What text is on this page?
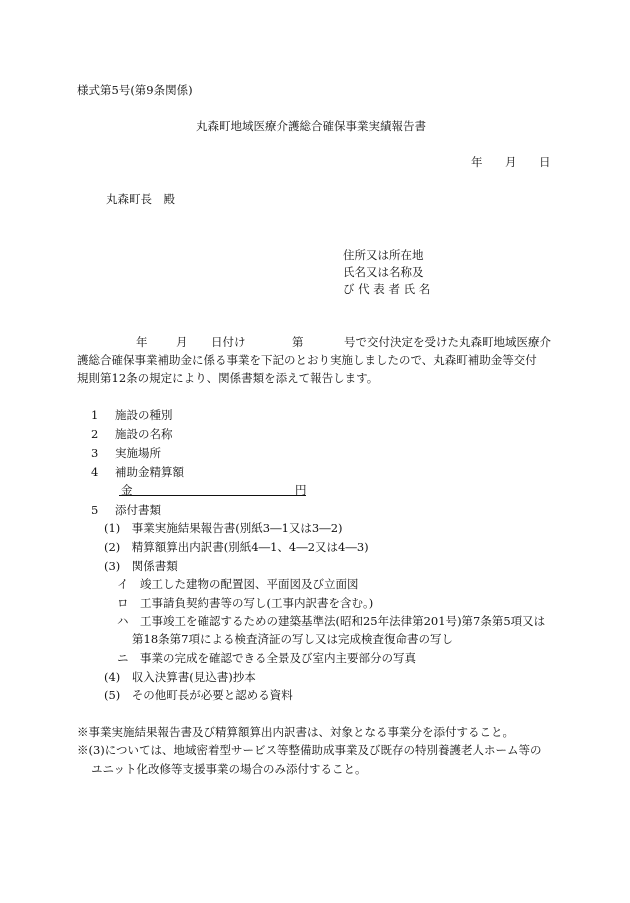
様式第5号(第9条関係)
丸森町地域医療介護総合確保事業実績報告書
年 月 日
丸森町長　殿
住所又は所在地
氏名又は名称及
び 代 表 者 氏 名
年 月 日付け	第	号で交付決定を受けた丸森町地域医療介
護総合確保事業補助金に係る事業を下記のとおり実施しましたので、丸森町補助金等交付
規則第12条の規定により、関係書類を添えて報告します。
1 施設の種別
2 施設の名称
3 実施場所
4 補助金精算額
金	円
5 添付書類
(1)　事業実施結果報告書(別紙3―1又は3―2)
(2)　精算額算出内訳書(別紙4―1、4―2又は4―3)
(3)　関係書類
イ　竣工した建物の配置図、平面図及び立面図
ロ　工事請負契約書等の写し(工事内訳書を含む。)
ハ　工事竣工を確認するための建築基準法(昭和25年法律第201号)第7条第5項又は
第18条第7項による検査済証の写し又は完成検査復命書の写し
ニ　事業の完成を確認できる全景及び室内主要部分の写真
(4)　収入決算書(見込書)抄本
(5)　その他町長が必要と認める資料
※事業実施結果報告書及び精算額算出内訳書は、対象となる事業分を添付すること。
※(3)については、地域密着型サービス等整備助成事業及び既存の特別養護老人ホーム等の
ユニット化改修等支援事業の場合のみ添付すること。
